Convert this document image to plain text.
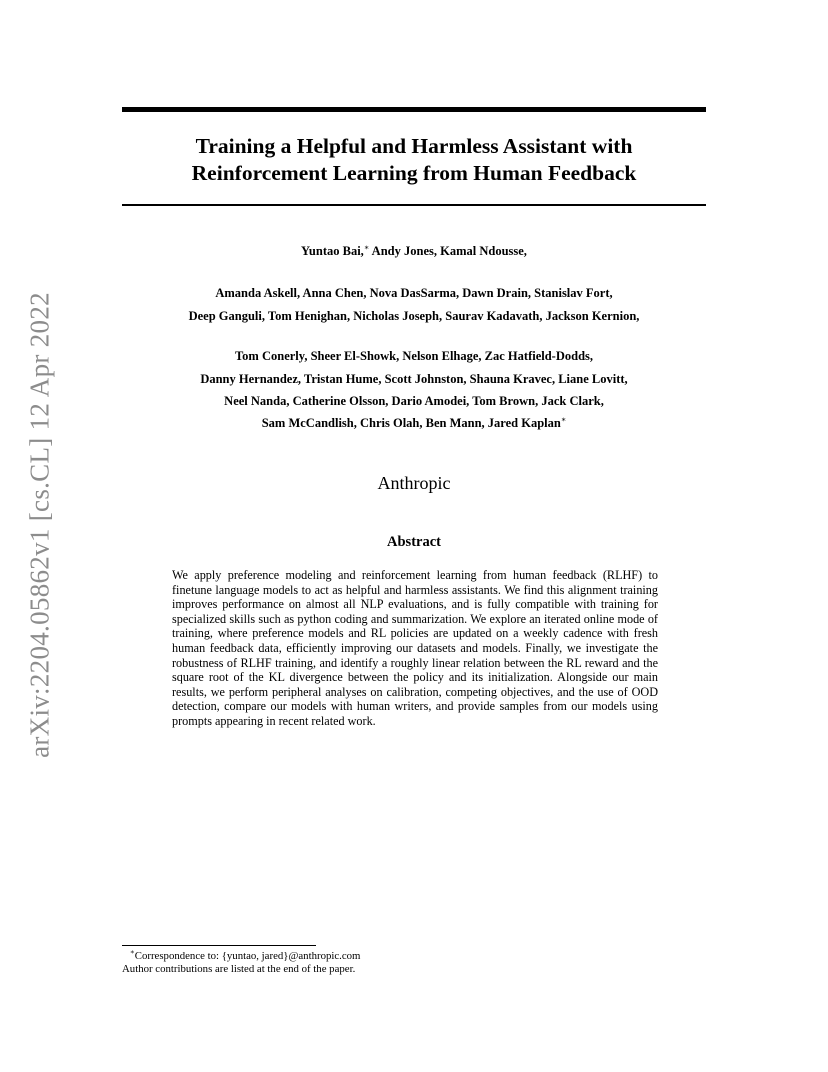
arXiv:2204.05862v1 [cs.CL] 12 Apr 2022
Training a Helpful and Harmless Assistant with
Reinforcement Learning from Human Feedback
Yuntao Bai,∗ Andy Jones, Kamal Ndousse,
Amanda Askell, Anna Chen, Nova DasSarma, Dawn Drain, Stanislav Fort,
Deep Ganguli, Tom Henighan, Nicholas Joseph, Saurav Kadavath, Jackson Kernion,
Tom Conerly, Sheer El-Showk, Nelson Elhage, Zac Hatfield-Dodds,
Danny Hernandez, Tristan Hume, Scott Johnston, Shauna Kravec, Liane Lovitt,
Neel Nanda, Catherine Olsson, Dario Amodei, Tom Brown, Jack Clark,
Sam McCandlish, Chris Olah, Ben Mann, Jared Kaplan∗
Anthropic
Abstract
We apply preference modeling and reinforcement learning from human feedback (RLHF) to finetune language models to act as helpful and harmless assistants. We find this alignment training improves performance on almost all NLP evaluations, and is fully compatible with training for specialized skills such as python coding and summarization. We explore an iterated online mode of training, where preference models and RL policies are updated on a weekly cadence with fresh human feedback data, efficiently improving our datasets and models. Finally, we investigate the robustness of RLHF training, and identify a roughly linear relation between the RL reward and the square root of the KL divergence between the policy and its initialization. Alongside our main results, we perform peripheral analyses on calibration, competing objectives, and the use of OOD detection, compare our models with human writers, and provide samples from our models using prompts appearing in recent related work.
∗Correspondence to: {yuntao, jared}@anthropic.com
Author contributions are listed at the end of the paper.
